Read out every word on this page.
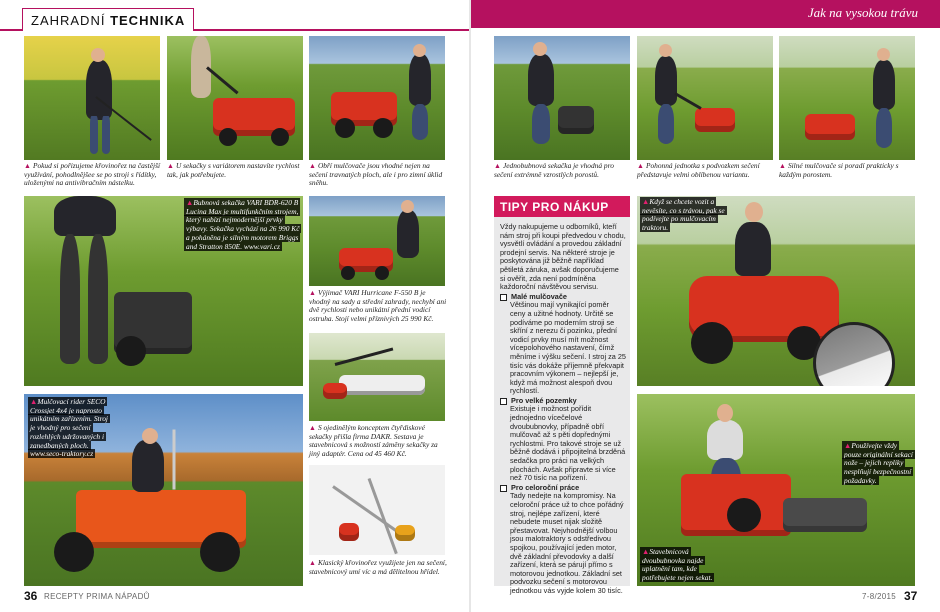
ZAHRADNÍ TECHNIKA
Jak na vysokou trávu
▲ Pokud si pořizujeme křovinořez na častější využívání, pohodlnějšee se po stroji s řídítky, uloženými na antivibračním nástelku.
▲ U sekačky s variátorem nastavíte rychlost tak, jak potřebujete.
▲ Obří mulčovače jsou vhodné nejen na sečení travnatých ploch, ale i pro zimní úklid sněhu.
▲Bubnová sekačka VARI BDR-620 B Lucina Max je multifunkčním strojem, který nabízí nejmodernější prvky výbavy. Sekačka vychází na 26 990 Kč a poháněna je silným motorem Briggs and Stratton 850E. www.vari.cz
▲ Výjimač VARI Hurricane F-550 B je vhodný na sady a střední zahrady, nechybí ani dvě rychlosti nebo unikátní přední vodicí ostruha. Stojí velmi příznivých 25 990 Kč.
▲ S ojedinělým konceptem čtyřdiskové sekačky přišla firma DAKR. Sestava je stavebnicová s možností záměny sekačky za jiný adaptér. Cena od 45 460 Kč.
▲ Klasický křovinořez využijete jen na sečení, stavebnicový umí víc a má dělitelnou hřídel.
▲Mulčovací rider SECO Crossjet 4x4 je naprosto unikátním zařízením. Stroj je vhodný pro sečení rozlehlých udržovaných i zanedbaných ploch. www.seco-traktory.cz
▲ Jednobubnová sekačka je vhodná pro sečení extrémně vzrostlých porostů.
▲ Pohonná jednotka s podvozkem sečení představuje velmi oblíbenou variantu.
▲ Silné mulčovače si poradí prakticky s každým porostem.
TIPY PRO NÁKUP

Vždy nakupujeme u odborníků, kteří nám stroj při koupi předvedou v chodu, vysvětlí ovládání a provedou základní prodejní servis. Na některé stroje je poskytována již běžně například pětiletá záruka, avšak doporučujeme si ověřit, zda není podmíněna každoroční návštěvou servisu.

Malé mulčovače

Většinou mají vynikající poměr ceny a užitné hodnoty. Určitě se podíváme po moderním stroji se skříní z nerezu či pozinku, přední vodicí prvky musí mít možnost vícepolohového nastavení, čímž měníme i výšku sečení. I stroj za 25 tisíc vás dokáže příjemně překvapit pracovním výkonem – nejlepší je, když má možnost alespoň dvou rychlostí.

Pro velké pozemky

Existuje i možnost pořídit jednojedno vícečelové dvoububnovky, případně obří mulčovač až s pěti dopřednými rychlostmi. Pro takové stroje se už běžně dodává i připojitelná brzděná sedačka pro práci na velkých plochách. Avšak připravte si více než 70 tisíc na pořízení.

Pro celoroční práce

Tady nedejte na kompromisy. Na celoroční práce už to chce pořádný stroj, nejlépe zařízení, které nebudete muset nijak složitě přestavovat. Nejvhodnější volbou jsou malotraktory s odstředivou spojkou, používající jeden motor, dvě základní převodovky a další zařízení, která se párují přímo s motorovou jednotkou. Základní set podvozku sečení s motorovou jednotkou vás vyjde kolem 30 tisíc.

▲Když se chcete vozit a nevěsíte, co s trávou, pak se podívejte po mulčovacím traktoru.
▲Používejte vždy pouze originální sekací nože – jejich repliky nesplňují bezpečnostní požadavky.
▲Stavebnicová dvoububnovka najde uplatnění tam, kde potřebujete nejen sekat.
36 RECEPTY PRIMA NÁPADŮ	7-8/2015 37
